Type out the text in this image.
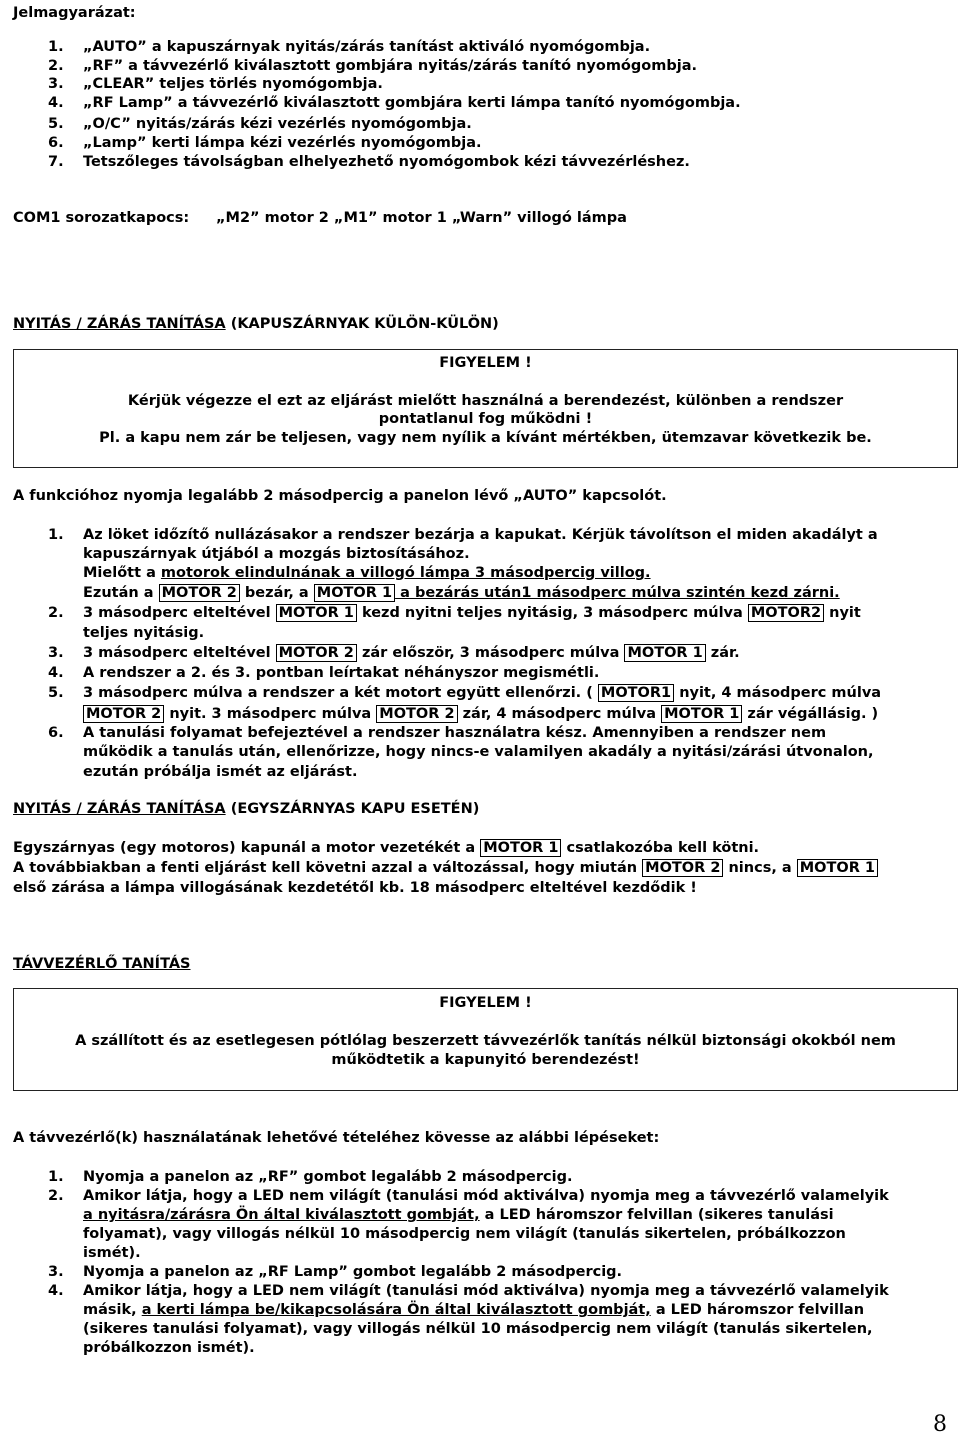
Jelmagyarázat:
1. „AUTO” a kapuszárnyak nyitás/zárás tanítást aktiváló nyomógombja.
2. „RF” a távvezérlő kiválasztott gombjára nyitás/zárás tanító nyomógombja.
3. „CLEAR” teljes törlés nyomógombja.
4. „RF Lamp” a távvezérlő kiválasztott gombjára kerti lámpa tanító nyomógombja.
5. „O/C” nyitás/zárás kézi vezérlés nyomógombja.
6. „Lamp” kerti lámpa kézi vezérlés nyomógombja.
7. Tetszőleges távolságban elhelyezhető nyomógombok kézi távvezérléshez.
COM1 sorozatkapocs: „M2” motor 2 „M1” motor 1 „Warn” villogó lámpa
NYITÁS / ZÁRÁS TANÍTÁSA (KAPUSZÁRNYAK KÜLÖN-KÜLÖN)
FIGYELEM !
Kérjük végezze el ezt az eljárást mielőtt használná a berendezést, különben a rendszer
pontatlanul fog működni !
Pl. a kapu nem zár be teljesen, vagy nem nyílik a kívánt mértékben, ütemzavar következik be.
A funkcióhoz nyomja legalább 2 másodpercig a panelon lévő „AUTO” kapcsolót.
1. Az löket időzítő nullázásakor a rendszer bezárja a kapukat. Kérjük távolítson el miden akadályt a
kapuszárnyak útjából a mozgás biztosításához.
Mielőtt a motorok elindulnának a villogó lámpa 3 másodpercig villog.
Ezután a MOTOR 2 bezár, a MOTOR 1 a bezárás után1 másodperc múlva szintén kezd zárni.
2. 3 másodperc elteltével MOTOR 1 kezd nyitni teljes nyitásig, 3 másodperc múlva MOTOR2 nyit
teljes nyitásig.
3. 3 másodperc elteltével MOTOR 2 zár először, 3 másodperc múlva MOTOR 1 zár.
4. A rendszer a 2. és 3. pontban leírtakat néhányszor megismétli.
5. 3 másodperc múlva a rendszer a két motort együtt ellenőrzi. ( MOTOR1 nyit, 4 másodperc múlva
MOTOR 2 nyit. 3 másodperc múlva MOTOR 2 zár, 4 másodperc múlva MOTOR 1 zár végállásig. )
6. A tanulási folyamat befejeztével a rendszer használatra kész. Amennyiben a rendszer nem
működik a tanulás után, ellenőrizze, hogy nincs-e valamilyen akadály a nyitási/zárási útvonalon,
ezután próbálja ismét az eljárást.
NYITÁS / ZÁRÁS TANÍTÁSA (EGYSZÁRNYAS KAPU ESETÉN)
Egyszárnyas (egy motoros) kapunál a motor vezetékét a MOTOR 1 csatlakozóba kell kötni.
A továbbiakban a fenti eljárást kell követni azzal a változással, hogy miután MOTOR 2 nincs, a MOTOR 1
első zárása a lámpa villogásának kezdetétől kb. 18 másodperc elteltével kezdődik !
TÁVVEZÉRLŐ TANÍTÁS
FIGYELEM !
A szállított és az esetlegesen pótlólag beszerzett távvezérlők tanítás nélkül biztonsági okokból nem
működtetik a kapunyitó berendezést!
A távvezérlő(k) használatának lehetővé tételéhez kövesse az alábbi lépéseket:
1. Nyomja a panelon az „RF” gombot legalább 2 másodpercig.
2. Amikor látja, hogy a LED nem világít (tanulási mód aktiválva) nyomja meg a távvezérlő valamelyik
a nyitásra/zárásra Ön által kiválasztott gombját, a LED háromszor felvillan (sikeres tanulási
folyamat), vagy villogás nélkül 10 másodpercig nem világít (tanulás sikertelen, próbálkozzon
ismét).
3. Nyomja a panelon az „RF Lamp” gombot legalább 2 másodpercig.
4. Amikor látja, hogy a LED nem világít (tanulási mód aktiválva) nyomja meg a távvezérlő valamelyik
másik, a kerti lámpa be/kikapcsolására Ön által kiválasztott gombját, a LED háromszor felvillan
(sikeres tanulási folyamat), vagy villogás nélkül 10 másodpercig nem világít (tanulás sikertelen,
próbálkozzon ismét).
8
